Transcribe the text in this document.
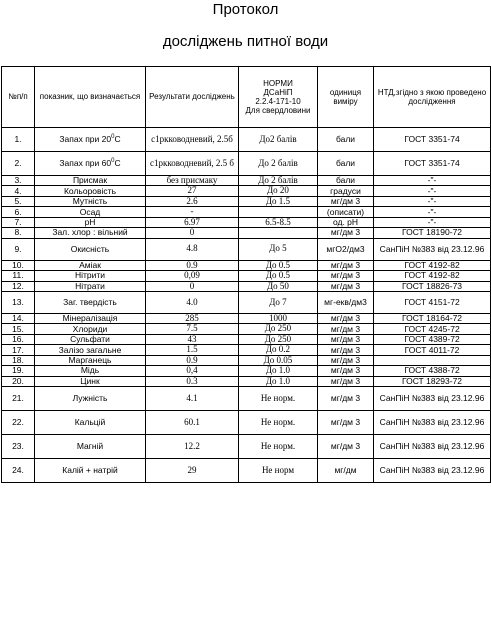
Протокол
досліджень питної води
№п/п	показник, що визначається	Результати досліджень	НОРМИ
ДСаНіП
2.2.4-171-10
Для свердловини	одиниця виміру	НТД,згідно з якою проведено дослідження
1.	Запах при $20^0С$	с1ркководневий, 2.5б	До2 балів	бали	ГОСТ 3351-74
2.	Запах при $60^0С$	с1ркководневий, 2.5 б	До 2 балів	бали	ГОСТ 3351-74
3.	Присмак	без присмаку	До 2 балів	бали	-"-
4.	Кольоровість	27	До 20	градуси	-"-
5.	Мутність	2.6	До 1.5	мг/дм 3	-"-
6.	Осад	-		(описати)	-"-
7.	pH	6.97	6.5-8.5	од. рН	-"-
8.	Зал. хлор : вільний	0		мг/дм 3	ГОСТ 18190-72
9.	Окисність	4.8	До 5	мгО2/дм3	СанПіН №383 від 23.12.96
10.	Аміак	0.9	До 0.5	мг/дм 3	ГОСТ 4192-82
11.	Нітрити	0,09	До 0.5	мг/дм 3	ГОСТ 4192-82
12.	Нітрати	0	До 50	мг/дм 3	ГОСТ 18826-73
13.	Заг. твердість	4.0	До 7	мг-екв/дм3	ГОСТ 4151-72
14.	Мінералізація	285	1000	мг/дм 3	ГОСТ 18164-72
15.	Хлориди	7.5	До 250	мг/дм 3	ГОСТ 4245-72
16.	Сульфати	43	До 250	мг/дм 3	ГОСТ 4389-72
17.	Залізо загальне	1.5	До 0.2	мг/дм 3	ГОСТ 4011-72
18.	Марганець	0.9	До 0.05	мг/дм 3	
19.	Мідь	0,4	До 1.0	мг/дм 3	ГОСТ 4388-72
20.	Цинк	0.3	До 1.0	мг/дм 3	ГОСТ 18293-72
21.	Лужність	4.1	Не норм.	мг/дм 3	СанПіН №383 від 23.12.96
22.	Кальцій	60.1	Не норм.	мг/дм 3	СанПіН №383 від 23.12.96
23.	Магній	12.2	Не норм.	мг/дм 3	СанПіН №383 від 23.12.96
24.	Калій + натрій	29	Не норм	мг/дм	СанПіН №383 від 23.12.96
